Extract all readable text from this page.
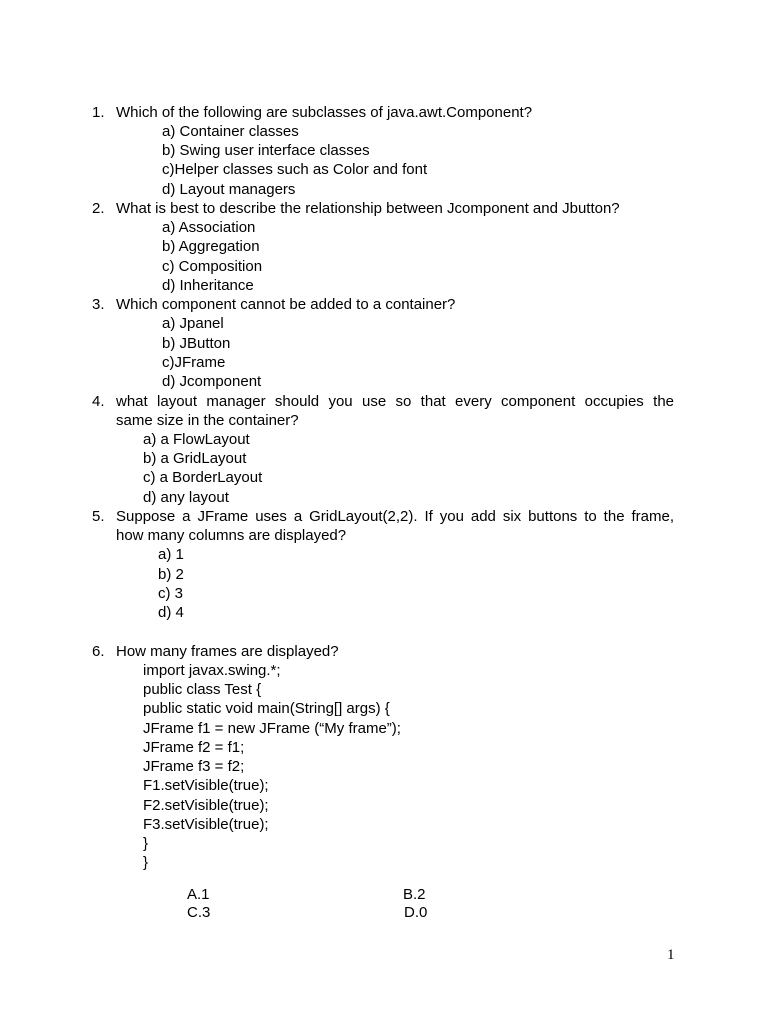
1. Which of the following are subclasses of java.awt.Component?
a) Container classes
b) Swing user interface classes
c)Helper classes such as Color and font
d) Layout managers
2. What is best to describe the relationship between Jcomponent and Jbutton?
a) Association
b) Aggregation
c) Composition
d) Inheritance
3. Which component cannot be added to a container?
a) Jpanel
b) JButton
c)JFrame
d) Jcomponent
4. what layout manager should you use so that every component occupies the
same size in the container?
a) a FlowLayout
b) a GridLayout
c) a BorderLayout
d) any layout
5. Suppose a JFrame uses a GridLayout(2,2). If you add six buttons to the frame,
how many columns are displayed?
a) 1
b) 2
c) 3
d) 4
6. How many frames are displayed?
import javax.swing.*;
public class Test {
public static void main(String[] args) {
JFrame f1 = new JFrame (“My frame”);
JFrame f2 = f1;
JFrame f3 = f2;
F1.setVisible(true);
F2.setVisible(true);
F3.setVisible(true);
}
}
A.1	B.2
C.3	D.0
1
